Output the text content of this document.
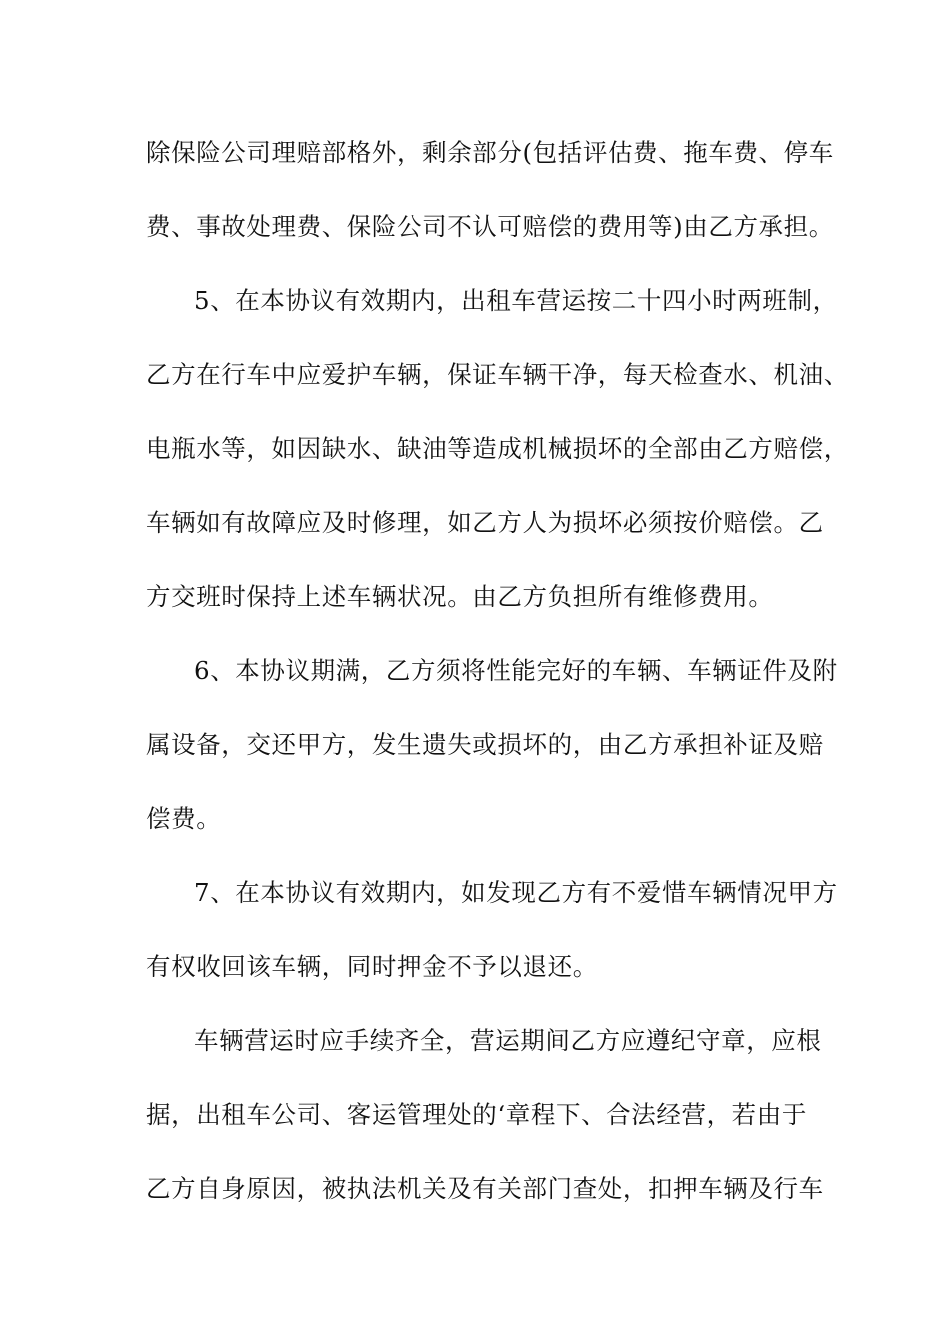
除保险公司理赔部格外，剩余部分(包括评估费、拖车费、停车
费、事故处理费、保险公司不认可赔偿的费用等)由乙方承担。
5、在本协议有效期内，出租车营运按二十四小时两班制，
乙方在行车中应爱护车辆，保证车辆干净，每天检查水、机油、
电瓶水等，如因缺水、缺油等造成机械损坏的全部由乙方赔偿，
车辆如有故障应及时修理，如乙方人为损坏必须按价赔偿。乙
方交班时保持上述车辆状况。由乙方负担所有维修费用。
6、本协议期满，乙方须将性能完好的车辆、车辆证件及附
属设备，交还甲方，发生遗失或损坏的，由乙方承担补证及赔
偿费。
7、在本协议有效期内，如发现乙方有不爱惜车辆情况甲方
有权收回该车辆，同时押金不予以退还。
车辆营运时应手续齐全，营运期间乙方应遵纪守章，应根
据，出租车公司、客运管理处的‘章程下、合法经营，若由于
乙方自身原因，被执法机关及有关部门查处，扣押车辆及行车
